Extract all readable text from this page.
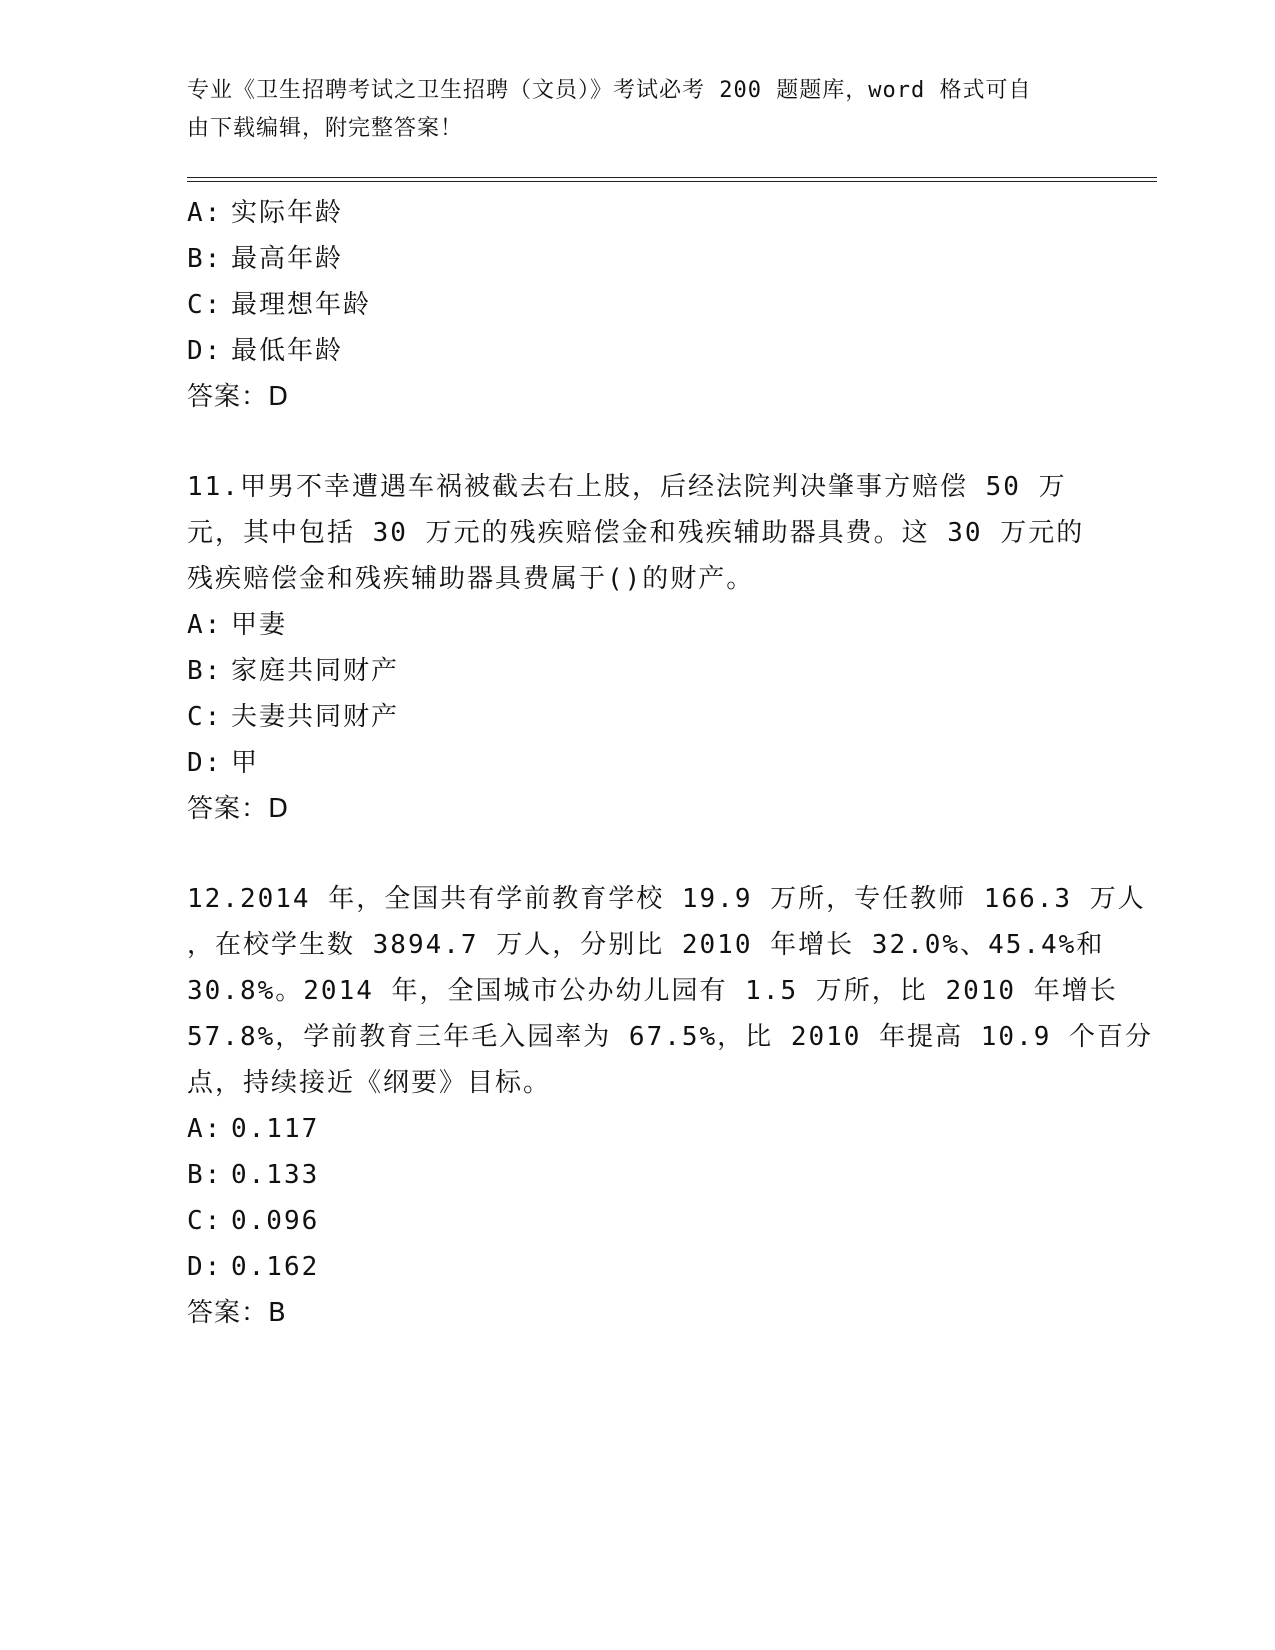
专业《卫生招聘考试之卫生招聘（文员）》考试必考 200 题题库，word 格式可自
由下载编辑，附完整答案！
A: 实际年龄
B: 最高年龄
C: 最理想年龄
D: 最低年龄
答案：D
11.甲男不幸遭遇车祸被截去右上肢，后经法院判决肇事方赔偿 50 万
元，其中包括 30 万元的残疾赔偿金和残疾辅助器具费。这 30 万元的
残疾赔偿金和残疾辅助器具费属于()的财产。
A: 甲妻
B: 家庭共同财产
C: 夫妻共同财产
D: 甲
答案：D
12.2014 年，全国共有学前教育学校 19.9 万所，专任教师 166.3 万人
，在校学生数 3894.7 万人，分别比 2010 年增长 32.0%、45.4%和
30.8%。2014 年，全国城市公办幼儿园有 1.5 万所，比 2010 年增长
57.8%，学前教育三年毛入园率为 67.5%，比 2010 年提高 10.9 个百分
点，持续接近《纲要》目标。
A: 0.117
B: 0.133
C: 0.096
D: 0.162
答案：B
